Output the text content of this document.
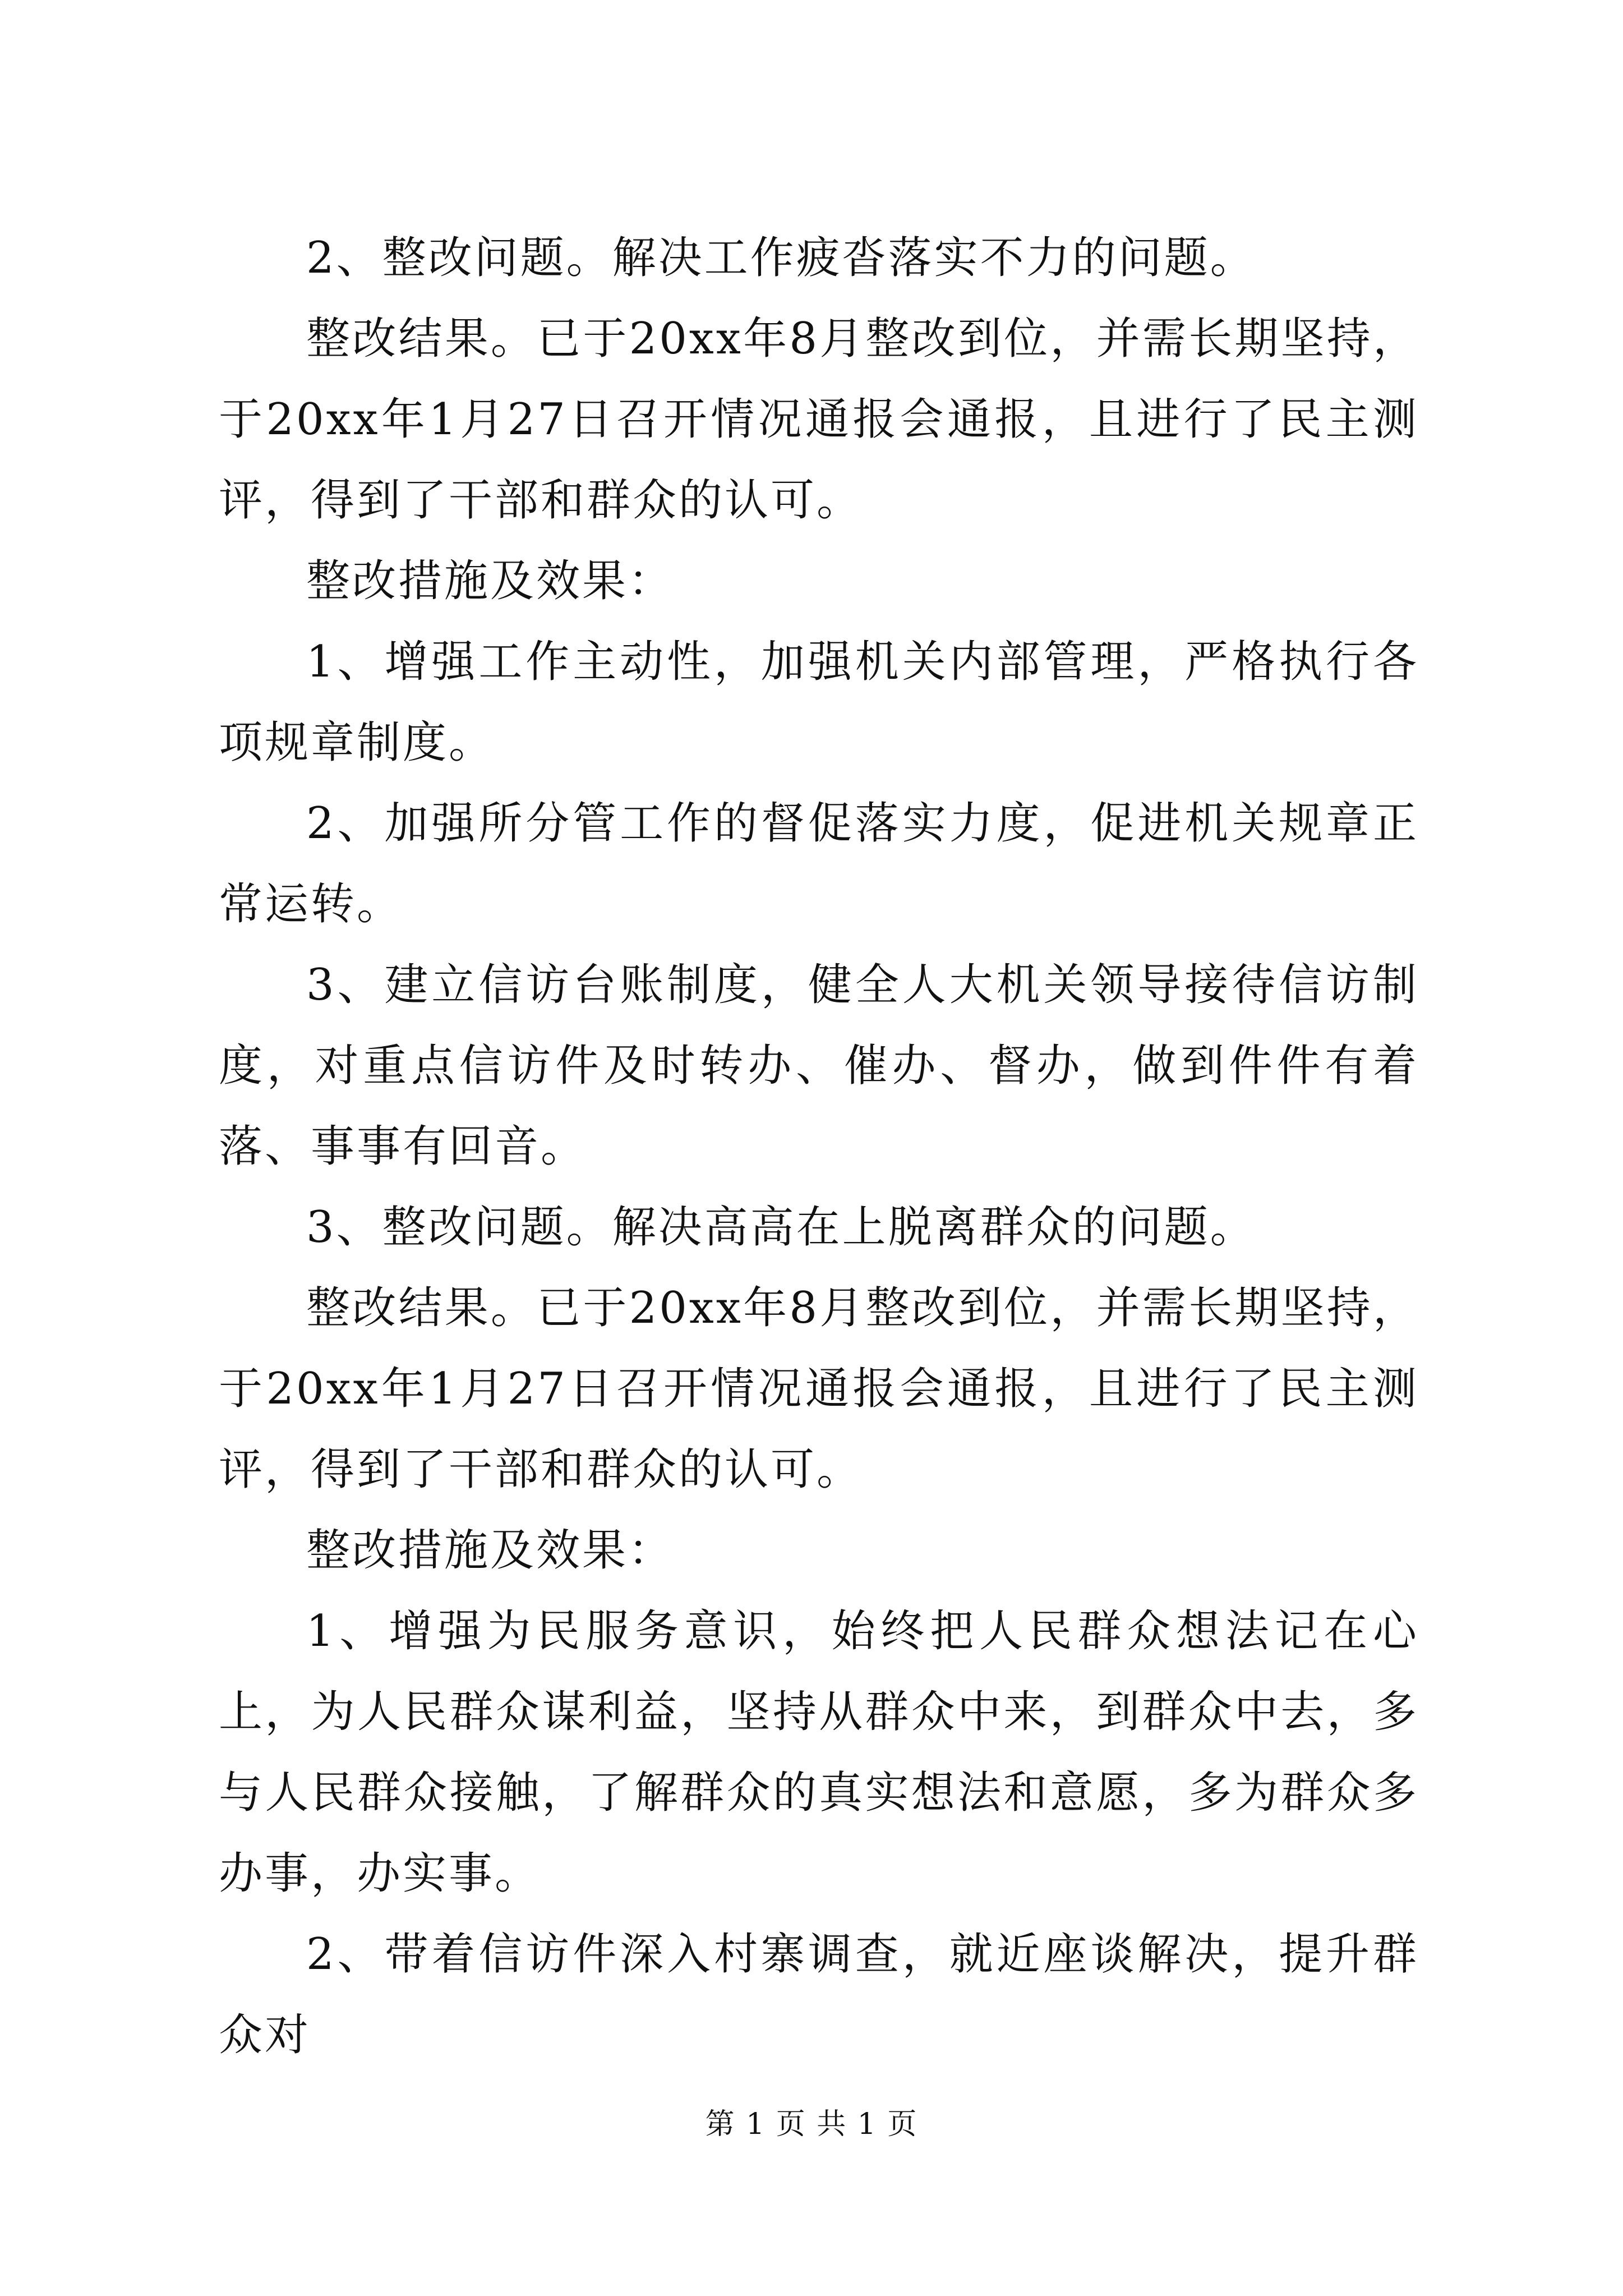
2、整改问题。解决工作疲沓落实不力的问题。

整改结果。已于20xx年8月整改到位，并需长期坚持，于20xx年1月27日召开情况通报会通报，且进行了民主测评，得到了干部和群众的认可。

整改措施及效果：

1、增强工作主动性，加强机关内部管理，严格执行各项规章制度。

2、加强所分管工作的督促落实力度，促进机关规章正常运转。

3、建立信访台账制度，健全人大机关领导接待信访制度，对重点信访件及时转办、催办、督办，做到件件有着落、事事有回音。

3、整改问题。解决高高在上脱离群众的问题。

整改结果。已于20xx年8月整改到位，并需长期坚持，于20xx年1月27日召开情况通报会通报，且进行了民主测评，得到了干部和群众的认可。

整改措施及效果：

1、增强为民服务意识，始终把人民群众想法记在心上，为人民群众谋利益，坚持从群众中来，到群众中去，多与人民群众接触，了解群众的真实想法和意愿，多为群众多办事，办实事。

2、带着信访件深入村寨调查，就近座谈解决，提升群众对

第 1 页 共 1 页
